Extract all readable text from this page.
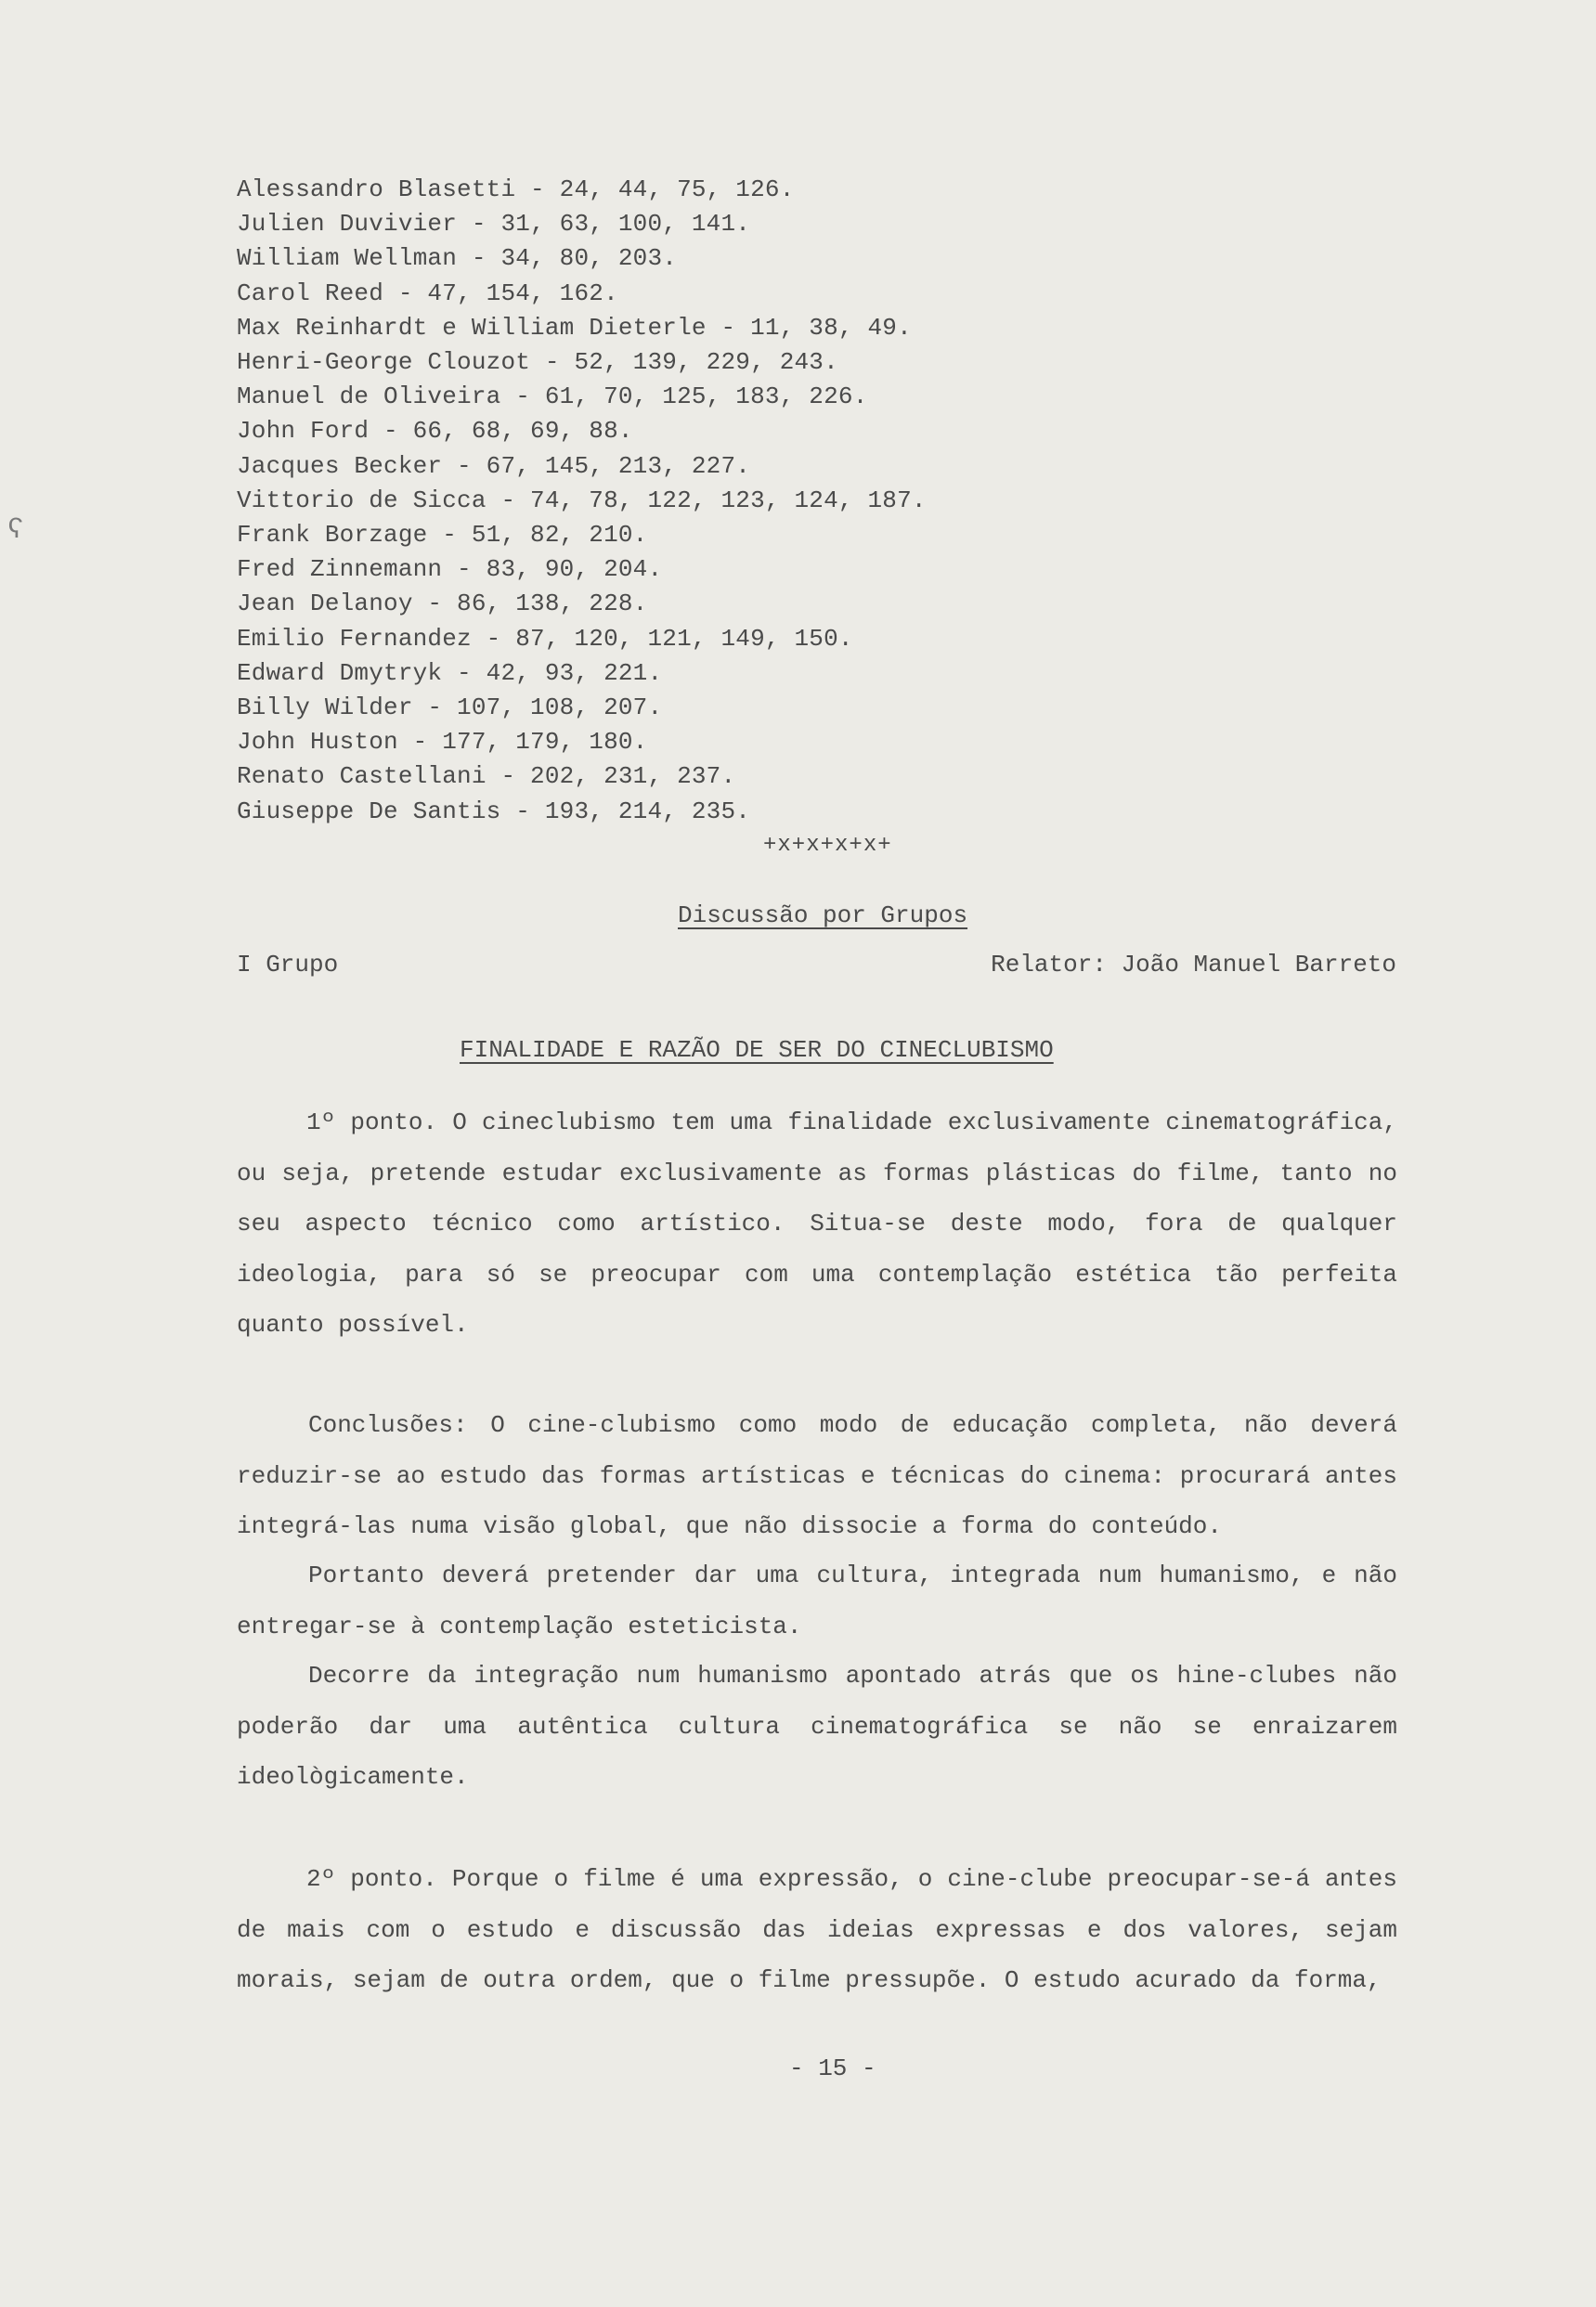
ʕ
Alessandro Blasetti - 24, 44, 75, 126.
Julien Duvivier - 31, 63, 100, 141.
William Wellman - 34, 80, 203.
Carol Reed - 47, 154, 162.
Max Reinhardt e William Dieterle - 11, 38, 49.
Henri-George Clouzot - 52, 139, 229, 243.
Manuel de Oliveira - 61, 70, 125, 183, 226.
John Ford - 66, 68, 69, 88.
Jacques Becker - 67, 145, 213, 227.
Vittorio de Sicca - 74, 78, 122, 123, 124, 187.
Frank Borzage - 51, 82, 210.
Fred Zinnemann - 83, 90, 204.
Jean Delanoy - 86, 138, 228.
Emilio Fernandez - 87, 120, 121, 149, 150.
Edward Dmytryk - 42, 93, 221.
Billy Wilder - 107, 108, 207.
John Huston - 177, 179, 180.
Renato Castellani - 202, 231, 237.
Giuseppe De Santis - 193, 214, 235.
+x+x+x+x+
Discussão por Grupos
I Grupo	Relator: João Manuel Barreto
FINALIDADE E RAZÃO DE SER DO CINECLUBISMO

1º ponto. O cineclubismo tem uma finalidade exclusivamente cinematográfica, ou seja, pretende estudar exclusivamente as formas plásticas do filme, tanto no seu aspecto técnico como artístico. Situa-se deste modo, fora de qualquer ideologia, para só se preocupar com uma contemplação estética tão perfeita quanto possível.

Conclusões: O cine-clubismo como modo de educação completa, não deverá reduzir-se ao estudo das formas artísticas e técnicas do cinema: procurará antes integrá-las numa visão global, que não dissocie a forma do conteúdo.

Portanto deverá pretender dar uma cultura, integrada num humanismo, e não entregar-se à contemplação esteticista.

Decorre da integração num humanismo apontado atrás que os hine-clubes não poderão dar uma autêntica cultura cinematográfica se não se enraizarem ideològicamente.

2º ponto. Porque o filme é uma expressão, o cine-clube preocupar-se-á antes de mais com o estudo e discussão das ideias expressas e dos valores, sejam morais, sejam de outra ordem, que o filme pressupõe. O estudo acurado da forma,

- 15 -
